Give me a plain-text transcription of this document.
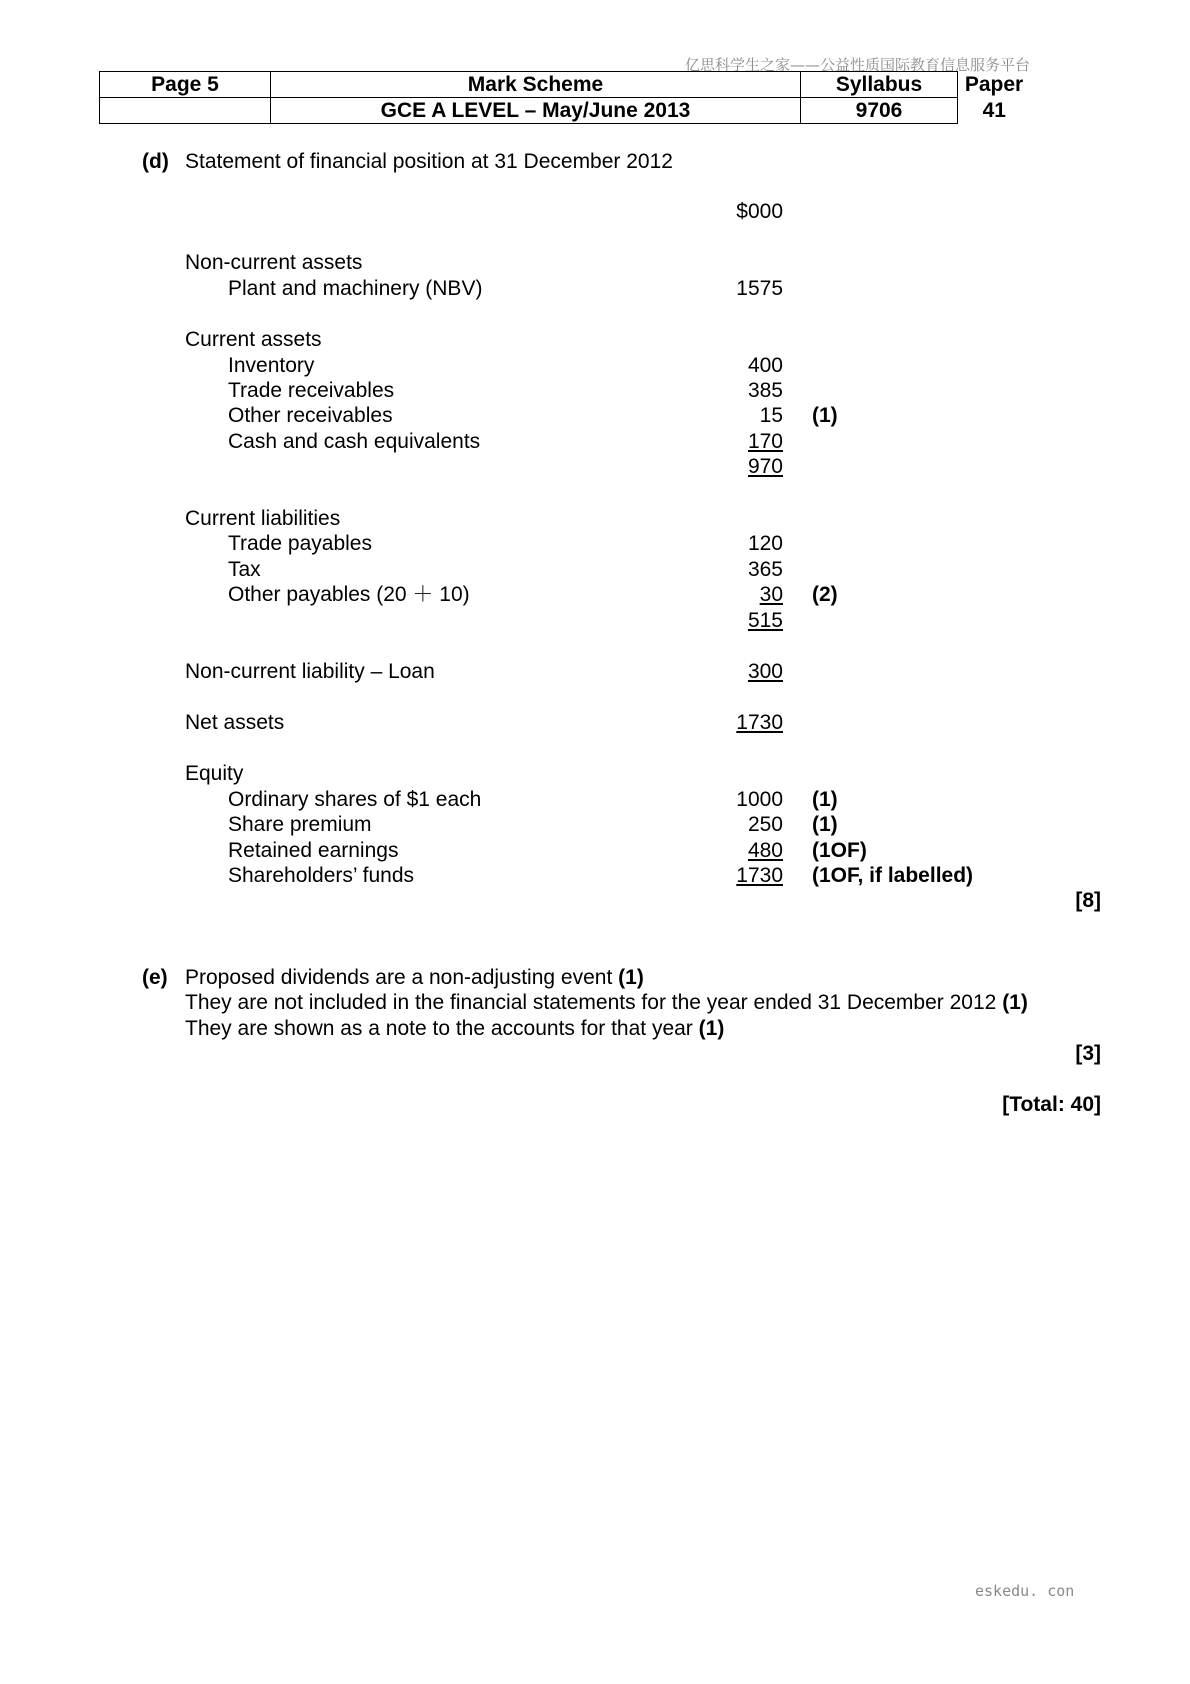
亿思科学生之家——公益性质国际教育信息服务平台
Page 5	Mark Scheme	Syllabus	Paper
	GCE A LEVEL – May/June 2013	9706	41
(d) Statement of financial position at 31 December 2012
$000
Non-current assets
Plant and machinery (NBV)	1575
Current assets
Inventory	400
Trade receivables	385
Other receivables	15 (1)
Cash and cash equivalents	170
970
Current liabilities
Trade payables	120
Tax	365
Other payables (20 ＋ 10)	30 (2)
515
Non-current liability – Loan	300
Net assets	1730
Equity
Ordinary shares of $1 each	1000 (1)
Share premium	250 (1)
Retained earnings	480 (1OF)
Shareholders’ funds	1730 (1OF, if labelled)
[8]
(e) Proposed dividends are a non-adjusting event (1)
They are not included in the financial statements for the year ended 31 December 2012 (1)
They are shown as a note to the accounts for that year (1)
[3]
[Total: 40]
eskedu. con
